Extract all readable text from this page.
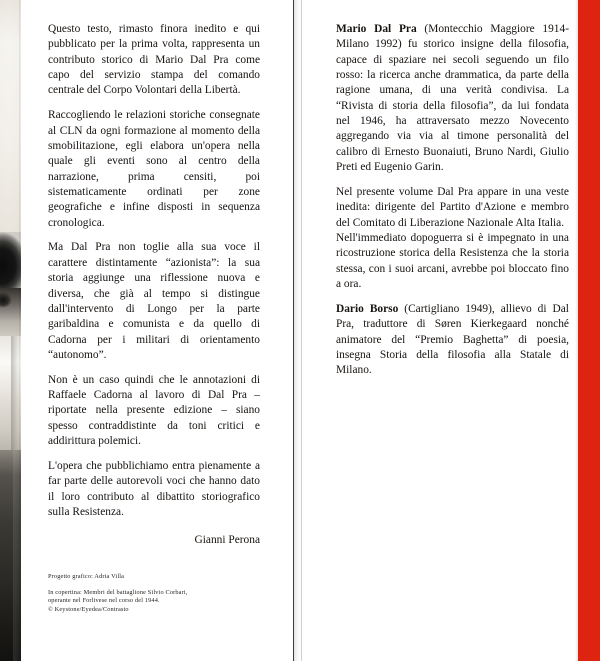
Questo testo, rimasto finora inedito e qui pubblicato per la prima volta, rappresenta un contributo storico di Mario Dal Pra come capo del servizio stampa del comando centrale del Corpo Volontari della Libertà.

Raccogliendo le relazioni storiche consegnate al CLN da ogni formazione al momento della smobilitazione, egli elabora un'opera nella quale gli eventi sono al centro della narrazione, prima censiti, poi sistematicamente ordinati per zone geografiche e infine disposti in sequenza cronologica.

Ma Dal Pra non toglie alla sua voce il carattere distintamente “azionista”: la sua storia aggiunge una riflessione nuova e diversa, che già al tempo si distingue dall'intervento di Longo per la parte garibaldina e comunista e da quello di Cadorna per i militari di orientamento “autonomo”.

Non è un caso quindi che le annotazioni di Raffaele Cadorna al lavoro di Dal Pra – riportate nella presente edizione – siano spesso contraddistinte da toni critici e addirittura polemici.

L'opera che pubblichiamo entra pienamente a far parte delle autorevoli voci che hanno dato il loro contributo al dibattito storiografico sulla Resistenza.

Gianni Perona

Mario Dal Pra (Montecchio Maggiore 1914-Milano 1992) fu storico insigne della filosofia, capace di spaziare nei secoli seguendo un filo rosso: la ricerca anche drammatica, da parte della ragione umana, di una verità condivisa. La “Rivista di storia della filosofia”, da lui fondata nel 1946, ha attraversato mezzo Novecento aggregando via via al timone personalità del calibro di Ernesto Buonaiuti, Bruno Nardi, Giulio Preti ed Eugenio Garin.

Nel presente volume Dal Pra appare in una veste inedita: dirigente del Partito d'Azione e membro del Comitato di Liberazione Nazionale Alta Italia.

Nell'immediato dopoguerra si è impegnato in una ricostruzione storica della Resistenza che la storia stessa, con i suoi arcani, avrebbe poi bloccato fino a ora.

Dario Borso (Cartigliano 1949), allievo di Dal Pra, traduttore di Søren Kierkegaard nonché animatore del “Premio Baghetta” di poesia, insegna Storia della filosofia alla Statale di Milano.

Progetto grafico: Adria Villa

In copertina: Membri del battaglione Silvio Corbari,
operante nel Forlivese nel corso del 1944.
© Keystone/Eyedea/Contrasto
